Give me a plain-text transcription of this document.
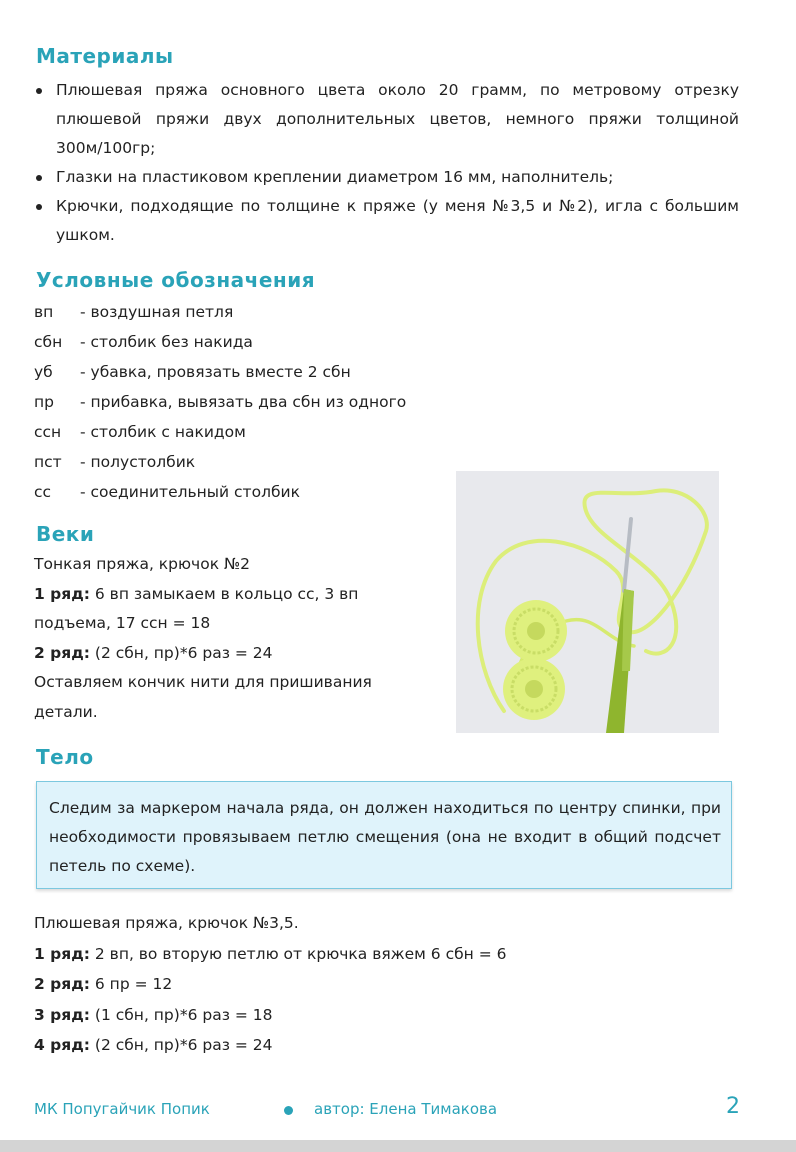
Материалы
Плюшевая пряжа основного цвета около 20 грамм, по метровому отрезку плюшевой пряжи двух дополнительных цветов, немного пряжи толщиной 300м/100гр;
Глазки на пластиковом креплении диаметром 16 мм, наполнитель;
Крючки, подходящие по толщине к пряже (у меня №3,5 и №2), игла с большим ушком.
Условные обозначения
вп	- воздушная петля
сбн	- столбик без накида
уб	- убавка, провязать вместе 2 сбн
пр	- прибавка, вывязать два сбн из одного
ссн	- столбик с накидом
пст	- полустолбик
сс	- соединительный столбик
Веки
Тонкая пряжа, крючок №2
1 ряд: 6 вп замыкаем в кольцо сс, 3 вп подъема, 17 ссн = 18
2 ряд: (2 сбн, пр)*6 раз = 24
Оставляем кончик нити для пришивания детали.
Тело
Следим за маркером начала ряда, он должен находиться по центру спинки, при необходимости провязываем петлю смещения (она не входит в общий подсчет петель по схеме).
Плюшевая пряжа, крючок №3,5.
1 ряд: 2 вп, во вторую петлю от крючка вяжем 6 сбн = 6
2 ряд: 6 пр = 12
3 ряд: (1 сбн, пр)*6 раз = 18
4 ряд: (2 сбн, пр)*6 раз = 24
МК Попугайчик Попик	автор: Елена Тимакова	2
